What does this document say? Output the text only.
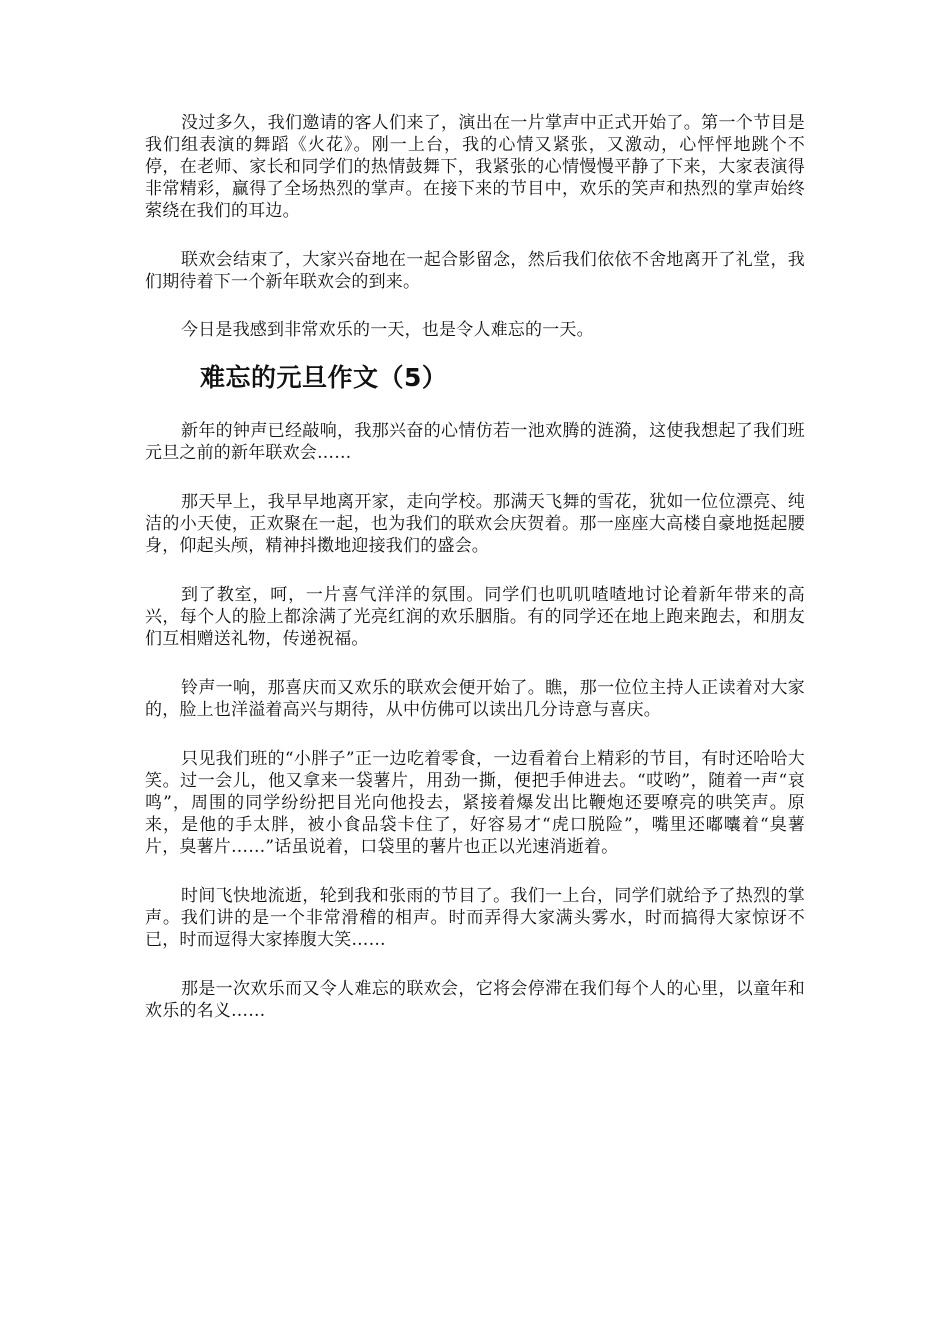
没过多久，我们邀请的客人们来了，演出在一片掌声中正式开始了。第一个节目是我们组表演的舞蹈《火花》。刚一上台，我的心情又紧张，又激动，心怦怦地跳个不停，在老师、家长和同学们的热情鼓舞下，我紧张的心情慢慢平静了下来，大家表演得非常精彩，赢得了全场热烈的掌声。在接下来的节目中，欢乐的笑声和热烈的掌声始终萦绕在我们的耳边。

联欢会结束了，大家兴奋地在一起合影留念，然后我们依依不舍地离开了礼堂，我们期待着下一个新年联欢会的到来。

今日是我感到非常欢乐的一天，也是令人难忘的一天。

难忘的元旦作文（5）

新年的钟声已经敲响，我那兴奋的心情仿若一池欢腾的涟漪，这使我想起了我们班元旦之前的新年联欢会……

那天早上，我早早地离开家，走向学校。那满天飞舞的雪花，犹如一位位漂亮、纯洁的小天使，正欢聚在一起，也为我们的联欢会庆贺着。那一座座大高楼自豪地挺起腰身，仰起头颅，精神抖擞地迎接我们的盛会。

到了教室，呵，一片喜气洋洋的氛围。同学们也叽叽喳喳地讨论着新年带来的高兴，每个人的脸上都涂满了光亮红润的欢乐胭脂。有的同学还在地上跑来跑去，和朋友们互相赠送礼物，传递祝福。

铃声一响，那喜庆而又欢乐的联欢会便开始了。瞧，那一位位主持人正读着对大家的，脸上也洋溢着高兴与期待，从中仿佛可以读出几分诗意与喜庆。

只见我们班的“小胖子”正一边吃着零食，一边看着台上精彩的节目，有时还哈哈大笑。过一会儿，他又拿来一袋薯片，用劲一撕，便把手伸进去。“哎哟”，随着一声“哀鸣”，周围的同学纷纷把目光向他投去，紧接着爆发出比鞭炮还要嘹亮的哄笑声。原来，是他的手太胖，被小食品袋卡住了，好容易才“虎口脱险”，嘴里还嘟囔着“臭薯片，臭薯片……”话虽说着，口袋里的薯片也正以光速消逝着。

时间飞快地流逝，轮到我和张雨的节目了。我们一上台，同学们就给予了热烈的掌声。我们讲的是一个非常滑稽的相声。时而弄得大家满头雾水，时而搞得大家惊讶不已，时而逗得大家捧腹大笑……

那是一次欢乐而又令人难忘的联欢会，它将会停滞在我们每个人的心里，以童年和欢乐的名义……
